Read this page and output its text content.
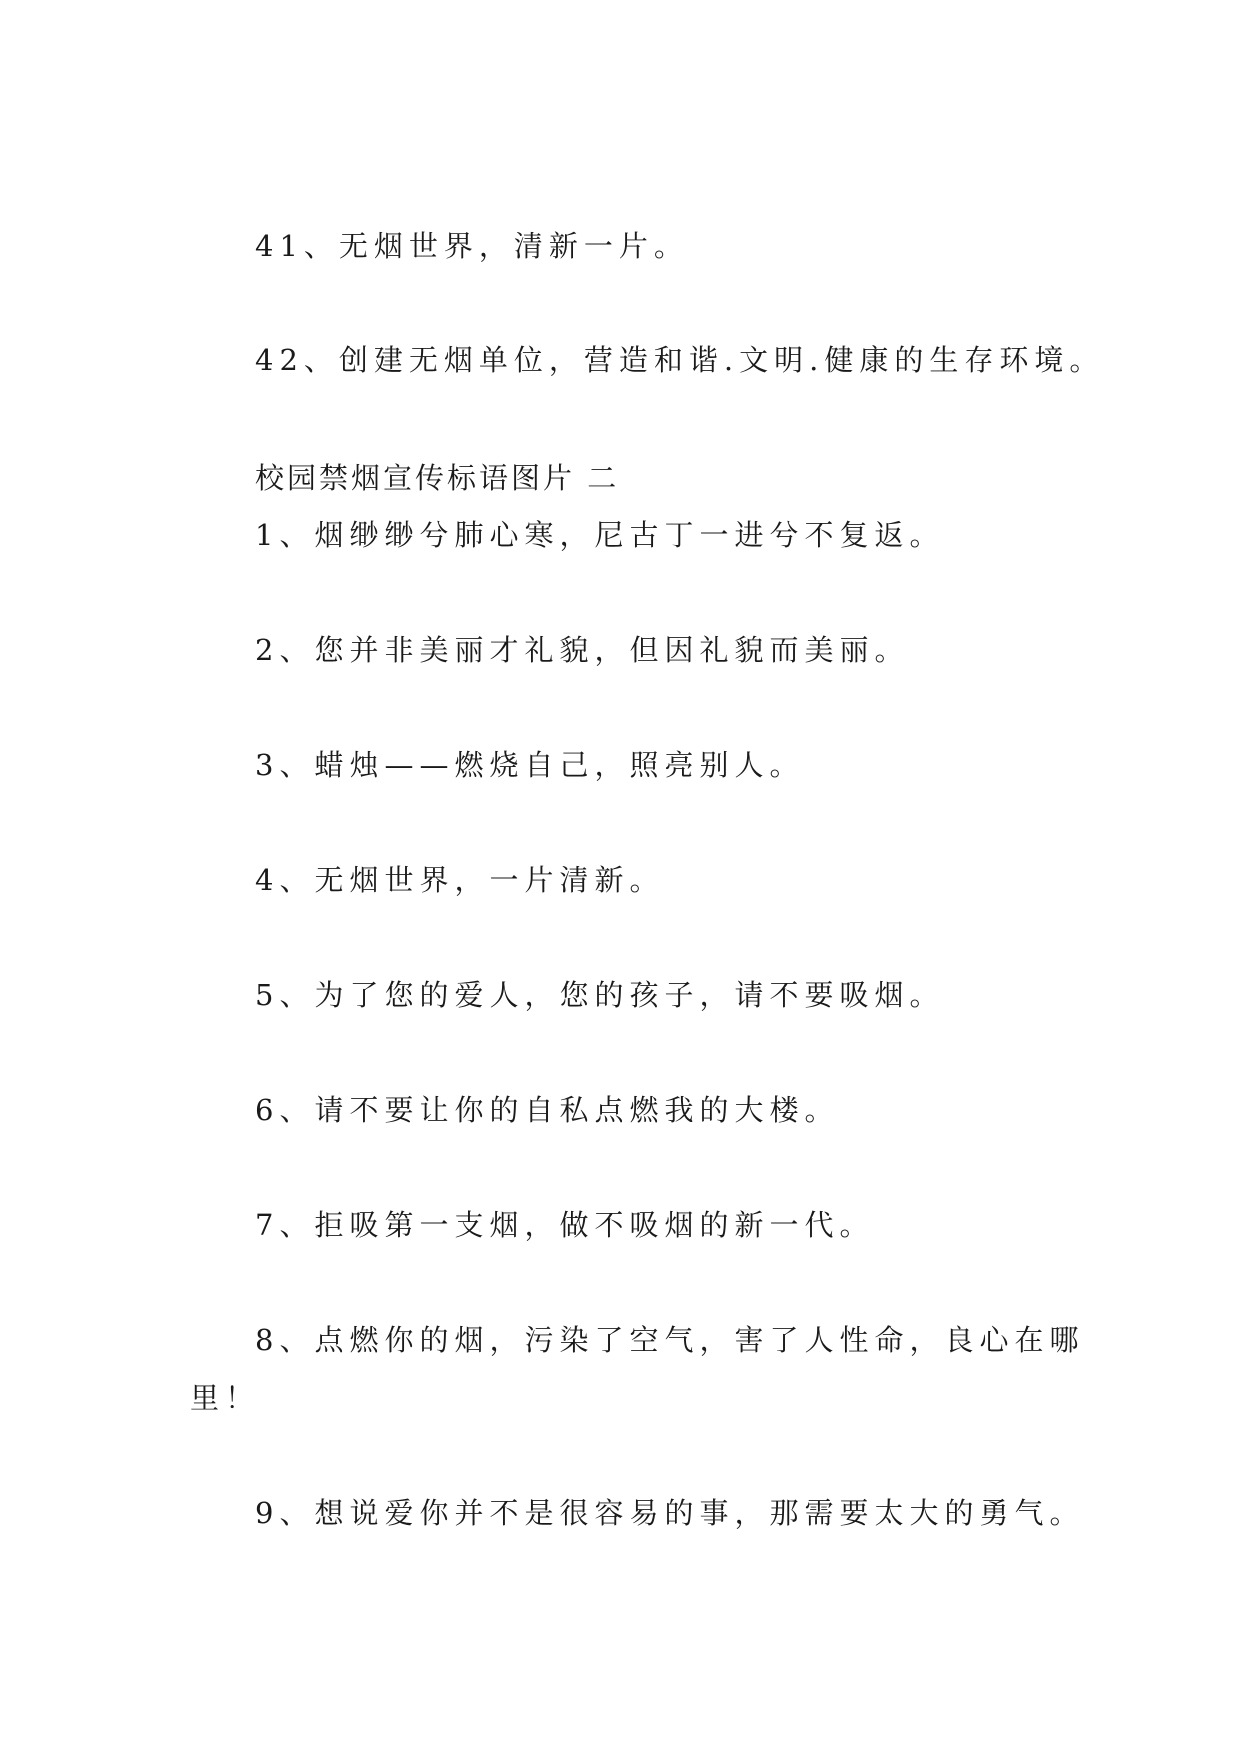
41、无烟世界，清新一片。
42、创建无烟单位，营造和谐.文明.健康的生存环境。
校园禁烟宣传标语图片 二
1、烟缈缈兮肺心寒，尼古丁一进兮不复返。
2、您并非美丽才礼貌，但因礼貌而美丽。
3、蜡烛——燃烧自己，照亮别人。
4、无烟世界，一片清新。
5、为了您的爱人，您的孩子，请不要吸烟。
6、请不要让你的自私点燃我的大楼。
7、拒吸第一支烟，做不吸烟的新一代。
8、点燃你的烟，污染了空气，害了人性命，良心在哪
里！
9、想说爱你并不是很容易的事，那需要太大的勇气。
